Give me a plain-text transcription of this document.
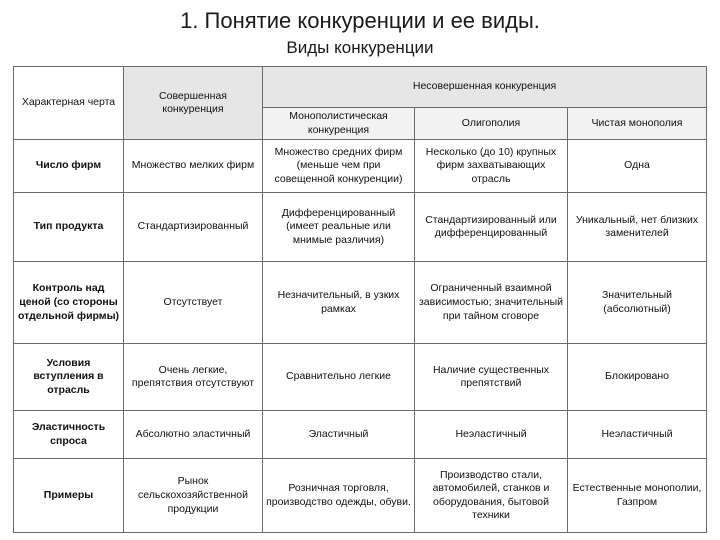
1. Понятие конкуренции и ее виды.
Виды конкуренции
Характерная черта	Совершенная конкуренция	Несовершенная конкуренция		
		Монополистическая конкуренция	Олигополия	Чистая монополия
Число фирм	Множество мелких фирм	Множество средних фирм (меньше чем при совещенной конкуренции)	Несколько (до 10) крупных фирм захватывающих отрасль	Одна
Тип продукта	Стандартизированный	Дифференцированный (имеет реальные или мнимые различия)	Стандартизированный или дифференцированный	Уникальный, нет близких заменителей
Контроль над ценой (со стороны отдельной фирмы)	Отсутствует	Незначительный, в узких рамках	Ограниченный взаимной зависимостью; значительный при тайном сговоре	Значительный (абсолютный)
Условия вступления в отрасль	Очень легкие, препятствия отсутствуют	Сравнительно легкие	Наличие существенных препятствий	Блокировано
Эластичность спроса	Абсолютно эластичный	Эластичный	Неэластичный	Неэластичный
Примеры	Рынок сельскохозяйственной продукции	Розничная торговля, производство одежды, обуви.	Производство стали, автомобилей, станков и оборудования, бытовой техники	Естественные монополии, Газпром
